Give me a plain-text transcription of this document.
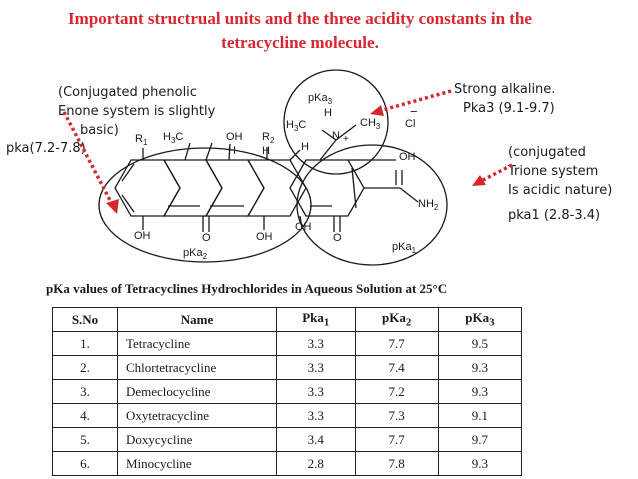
Important structrual units and the three acidity constants in the
tetracycline molecule.
pKa$_3$
$H_3C$
H
N +
$CH_3$
−
Cl
$R_1$ $H_3C$	OH
H
$R_2$
H	H
OH
OH	O	OH
OH
O
$NH_2$
pKa$_2$
pKa$_1$
(Conjugated phenolic
Enone system is slightly
basic)
pka(7.2-7.8)
Strong alkaline.
Pka3 (9.1-9.7)
(conjugated
Trione system
Is acidic nature)
pka1 (2.8-3.4)
pKa values of Tetracyclines Hydrochlorides in Aqueous Solution at 25°C
S.No	Name	Pka$_1$	pKa$_2$	pKa$_3$
1.	Tetracycline	3.3	7.7	9.5
2.	Chlortetracycline	3.3	7.4	9.3
3.	Demeclocycline	3.3	7.2	9.3
4.	Oxytetracycline	3.3	7.3	9.1
5.	Doxycycline	3.4	7.7	9.7
6.	Minocycline	2.8	7.8	9.3
